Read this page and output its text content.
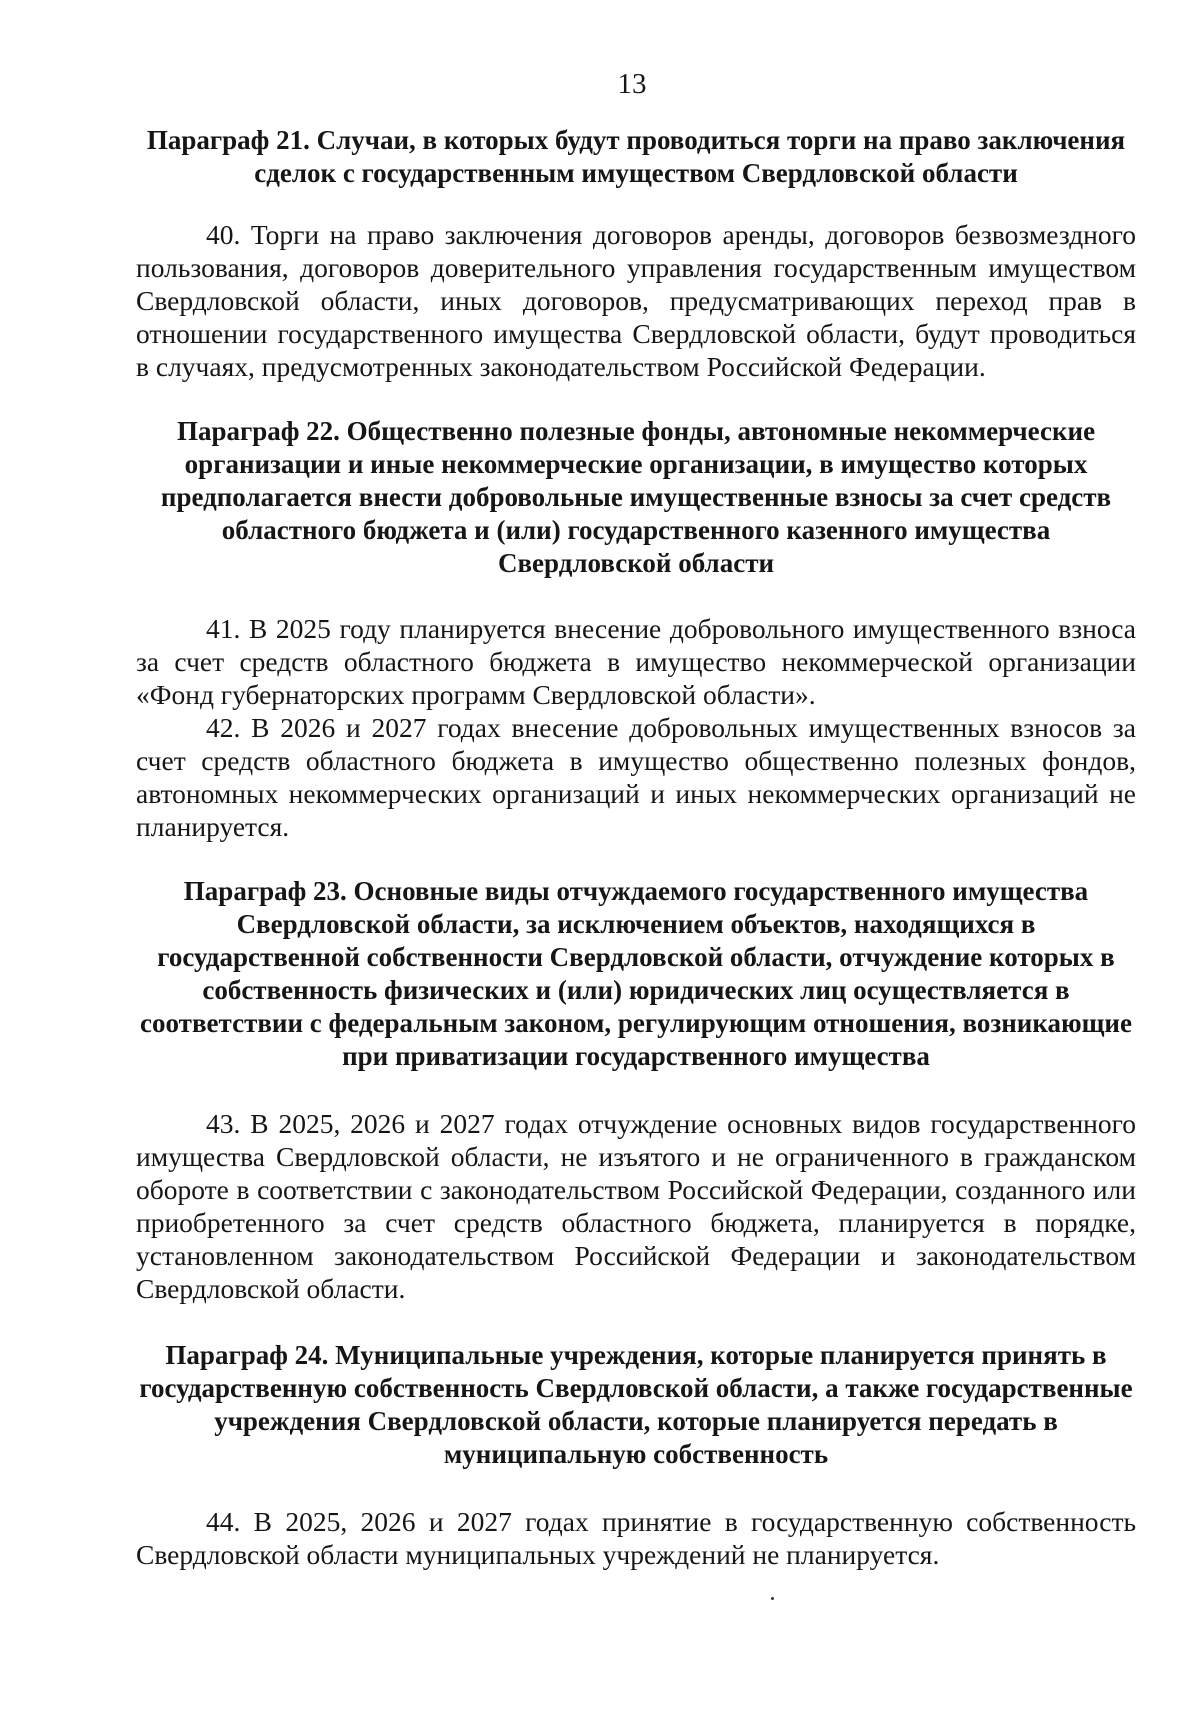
13

Параграф 21. Случаи, в которых будут проводиться торги на право заключения сделок с государственным имуществом Свердловской области

40. Торги на право заключения договоров аренды, договоров безвозмездного пользования, договоров доверительного управления государственным имуществом Свердловской области, иных договоров, предусматривающих переход прав в отношении государственного имущества Свердловской области, будут проводиться в случаях, предусмотренных законодательством Российской Федерации.

Параграф 22. Общественно полезные фонды, автономные некоммерческие организации и иные некоммерческие организации, в имущество которых предполагается внести добровольные имущественные взносы за счет средств областного бюджета и (или) государственного казенного имущества Свердловской области

41. В 2025 году планируется внесение добровольного имущественного взноса за счет средств областного бюджета в имущество некоммерческой организации «Фонд губернаторских программ Свердловской области».

42. В 2026 и 2027 годах внесение добровольных имущественных взносов за счет средств областного бюджета в имущество общественно полезных фондов, автономных некоммерческих организаций и иных некоммерческих организаций не планируется.

Параграф 23. Основные виды отчуждаемого государственного имущества Свердловской области, за исключением объектов, находящихся в государственной собственности Свердловской области, отчуждение которых в собственность физических и (или) юридических лиц осуществляется в соответствии с федеральным законом, регулирующим отношения, возникающие при приватизации государственного имущества

43. В 2025, 2026 и 2027 годах отчуждение основных видов государственного имущества Свердловской области, не изъятого и не ограниченного в гражданском обороте в соответствии с законодательством Российской Федерации, созданного или приобретенного за счет средств областного бюджета, планируется в порядке, установленном законодательством Российской Федерации и законодательством Свердловской области.

Параграф 24. Муниципальные учреждения, которые планируется принять в государственную собственность Свердловской области, а также государственные учреждения Свердловской области, которые планируется передать в муниципальную собственность

44. В 2025, 2026 и 2027 годах принятие в государственную собственность Свердловской области муниципальных учреждений не планируется.
